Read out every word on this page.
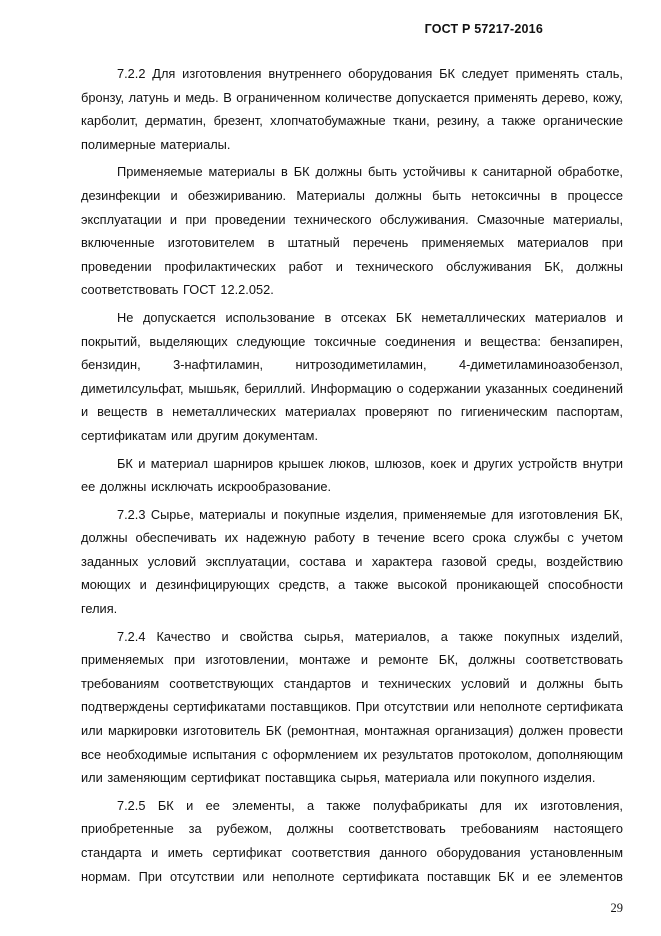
ГОСТ Р 57217-2016

7.2.2 Для изготовления внутреннего оборудования БК следует применять сталь, бронзу, латунь и медь. В ограниченном количестве допускается применять дерево, кожу, карболит, дерматин, брезент, хлопчатобумажные ткани, резину, а также органические полимерные материалы.

Применяемые материалы в БК должны быть устойчивы к санитарной обработке, дезинфекции и обезжириванию. Материалы должны быть нетоксичны в процессе эксплуатации и при проведении технического обслуживания. Смазочные материалы, включенные изготовителем в штатный перечень применяемых материалов при проведении профилактических работ и технического обслуживания БК, должны соответствовать ГОСТ 12.2.052.

Не допускается использование в отсеках БК неметаллических материалов и покрытий, выделяющих следующие токсичные соединения и вещества: бензапирен, бензидин, 3-нафтиламин, нитрозодиметиламин, 4-диметиламиноазобензол, диметилсульфат, мышьяк, бериллий. Информацию о содержании указанных соединений и веществ в неметаллических материалах проверяют по гигиеническим паспортам, сертификатам или другим документам.

БК и материал шарниров крышек люков, шлюзов, коек и других устройств внутри ее должны исключать искрообразование.

7.2.3 Сырье, материалы и покупные изделия, применяемые для изготовления БК, должны обеспечивать их надежную работу в течение всего срока службы с учетом заданных условий эксплуатации, состава и характера газовой среды, воздействию моющих и дезинфицирующих средств, а также высокой проникающей способности гелия.

7.2.4 Качество и свойства сырья, материалов, а также покупных изделий, применяемых при изготовлении, монтаже и ремонте БК, должны соответствовать требованиям соответствующих стандартов и технических условий и должны быть подтверждены сертификатами поставщиков. При отсутствии или неполноте сертификата или маркировки изготовитель БК (ремонтная, монтажная организация) должен провести все необходимые испытания с оформлением их результатов протоколом, дополняющим или заменяющим сертификат поставщика сырья, материала или покупного изделия.

7.2.5 БК и ее элементы, а также полуфабрикаты для их изготовления, приобретенные за рубежом, должны соответствовать требованиям настоящего стандарта и иметь сертификат соответствия данного оборудования установленным нормам. При отсутствии или неполноте сертификата поставщик БК и ее элементов

29
